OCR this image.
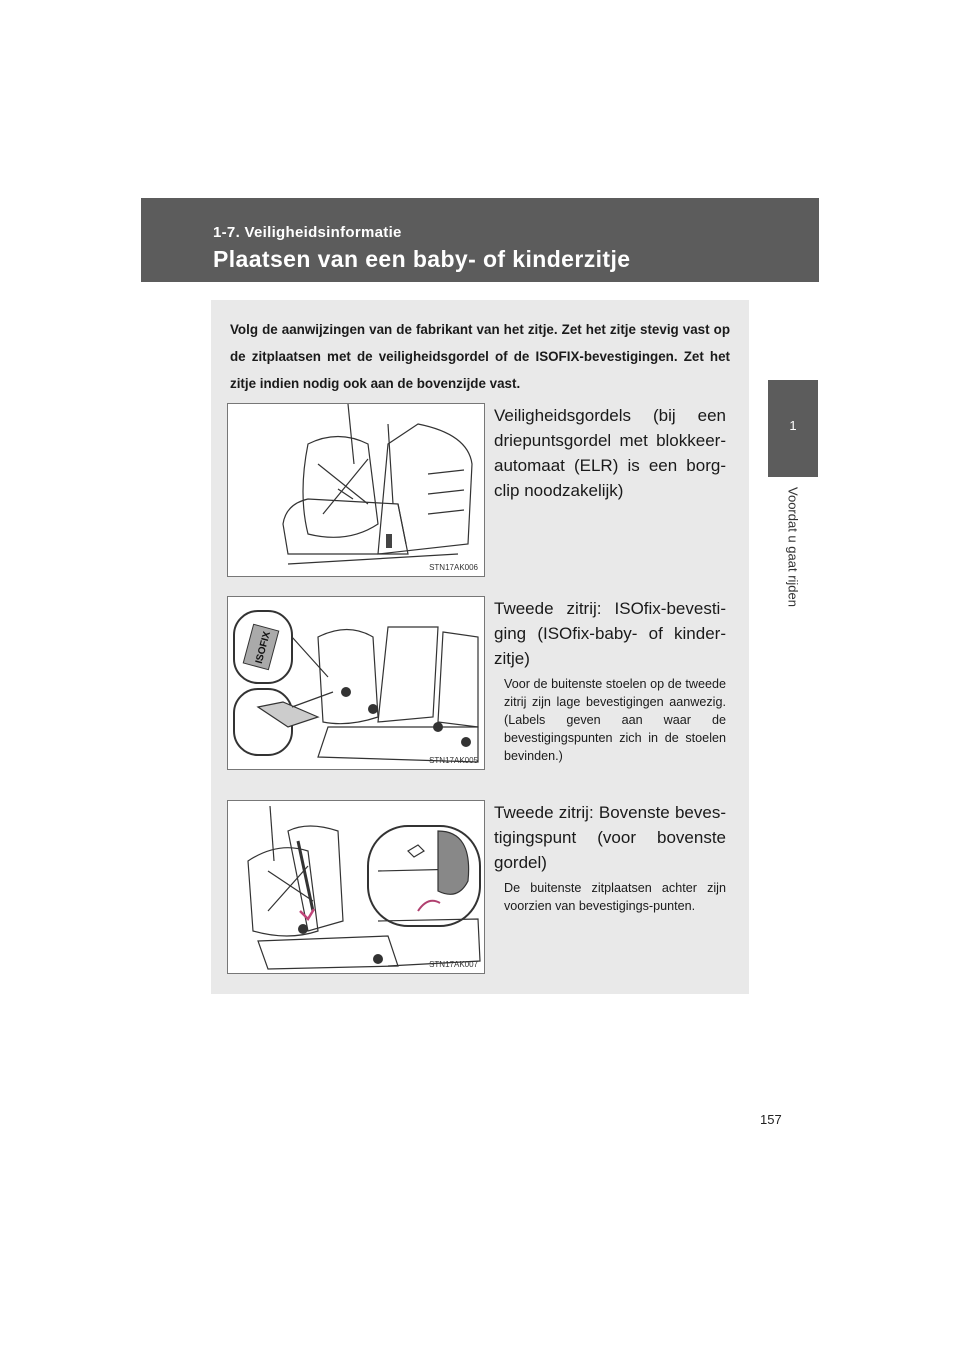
1-7. Veiligheidsinformatie
Plaatsen van een baby- of kinderzitje
1
Voordat u gaat rijden
Volg de aanwijzingen van de fabrikant van het zitje. Zet het zitje stevig vast op de zitplaatsen met de veiligheidsgordel of de ISOFIX-bevestigingen. Zet het zitje indien nodig ook aan de bovenzijde vast.
STN17AK006
Veiligheidsgordels (bij een driepuntsgordel met blokkeer-automaat (ELR) is een borg-clip noodzakelijk)
ISOFIX
STN17AK005
Tweede zitrij: ISOfix-bevesti-ging (ISOfix-baby- of kinder-zitje)
Voor de buitenste stoelen op de tweede zitrij zijn lage bevestigingen aanwezig. (Labels geven aan waar de bevestigingspunten zich in de stoelen bevinden.)
STN17AK007
Tweede zitrij: Bovenste beves-tigingspunt (voor bovenste gordel)
De buitenste zitplaatsen achter zijn voorzien van bevestigings-punten.
157
